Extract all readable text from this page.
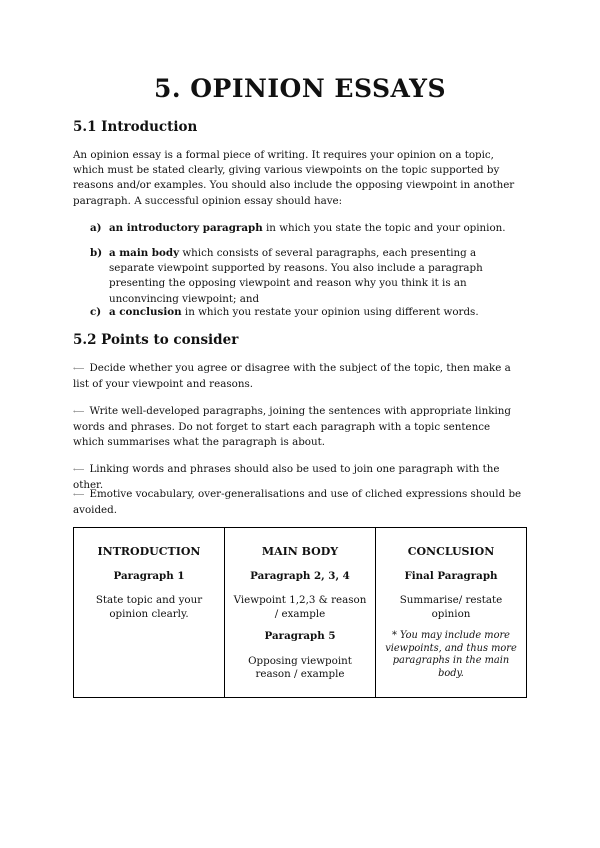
5. OPINION ESSAYS
5.1 Introduction
An opinion essay is a formal piece of writing. It requires your opinion on a topic, which must be stated clearly, giving various viewpoints on the topic supported by reasons and/or examples. You should also include the opposing viewpoint in another paragraph. A successful opinion essay should have:
a) an introductory paragraph in which you state the topic and your opinion.
b) a main body which consists of several paragraphs, each presenting a separate viewpoint supported by reasons. You also include a paragraph presenting the opposing viewpoint and reason why you think it is an unconvincing viewpoint; and
c) a conclusion in which you restate your opinion using different words.
5.2 Points to consider
⟵ Decide whether you agree or disagree with the subject of the topic, then make a list of your viewpoint and reasons.
⟵ Write well-developed paragraphs, joining the sentences with appropriate linking words and phrases. Do not forget to start each paragraph with a topic sentence which summarises what the paragraph is about.
⟵ Linking words and phrases should also be used to join one paragraph with the other.
⟵ Emotive vocabulary, over-generalisations and use of cliched expressions should be avoided.
INTRODUCTION
Paragraph 1
State topic and your opinion clearly.

MAIN BODY
Paragraph 2, 3, 4
Viewpoint 1,2,3 & reason / example
Paragraph 5
Opposing viewpoint reason / example

CONCLUSION
Final Paragraph
Summarise/ restate opinion
* You may include more viewpoints, and thus more paragraphs in the main body.
